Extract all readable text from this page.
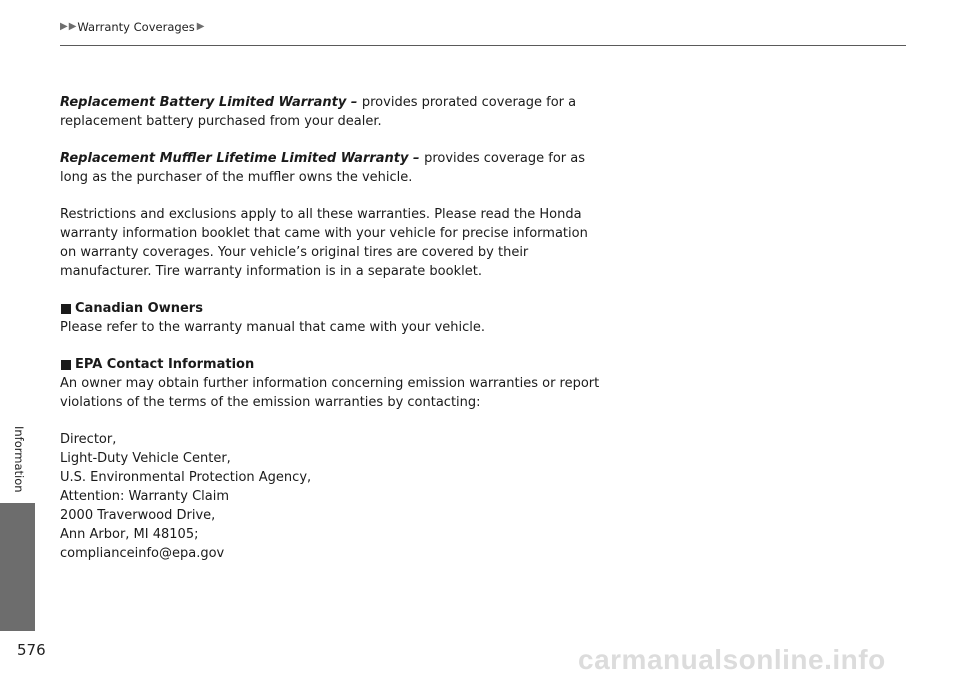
▶ ▶ Warranty Coverages ▶
Information
576

Replacement Battery Limited Warranty – provides prorated coverage for a replacement battery purchased from your dealer.

Replacement Muffler Lifetime Limited Warranty – provides coverage for as long as the purchaser of the muffler owns the vehicle.

Restrictions and exclusions apply to all these warranties. Please read the Honda warranty information booklet that came with your vehicle for precise information on warranty coverages. Your vehicle’s original tires are covered by their manufacturer. Tire warranty information is in a separate booklet.

Canadian Owners

Please refer to the warranty manual that came with your vehicle.

EPA Contact Information

An owner may obtain further information concerning emission warranties or report violations of the terms of the emission warranties by contacting:

Director,
Light-Duty Vehicle Center,
U.S. Environmental Protection Agency,
Attention: Warranty Claim
2000 Traverwood Drive,
Ann Arbor, MI 48105;
complianceinfo@epa.gov

carmanualsonline.info
